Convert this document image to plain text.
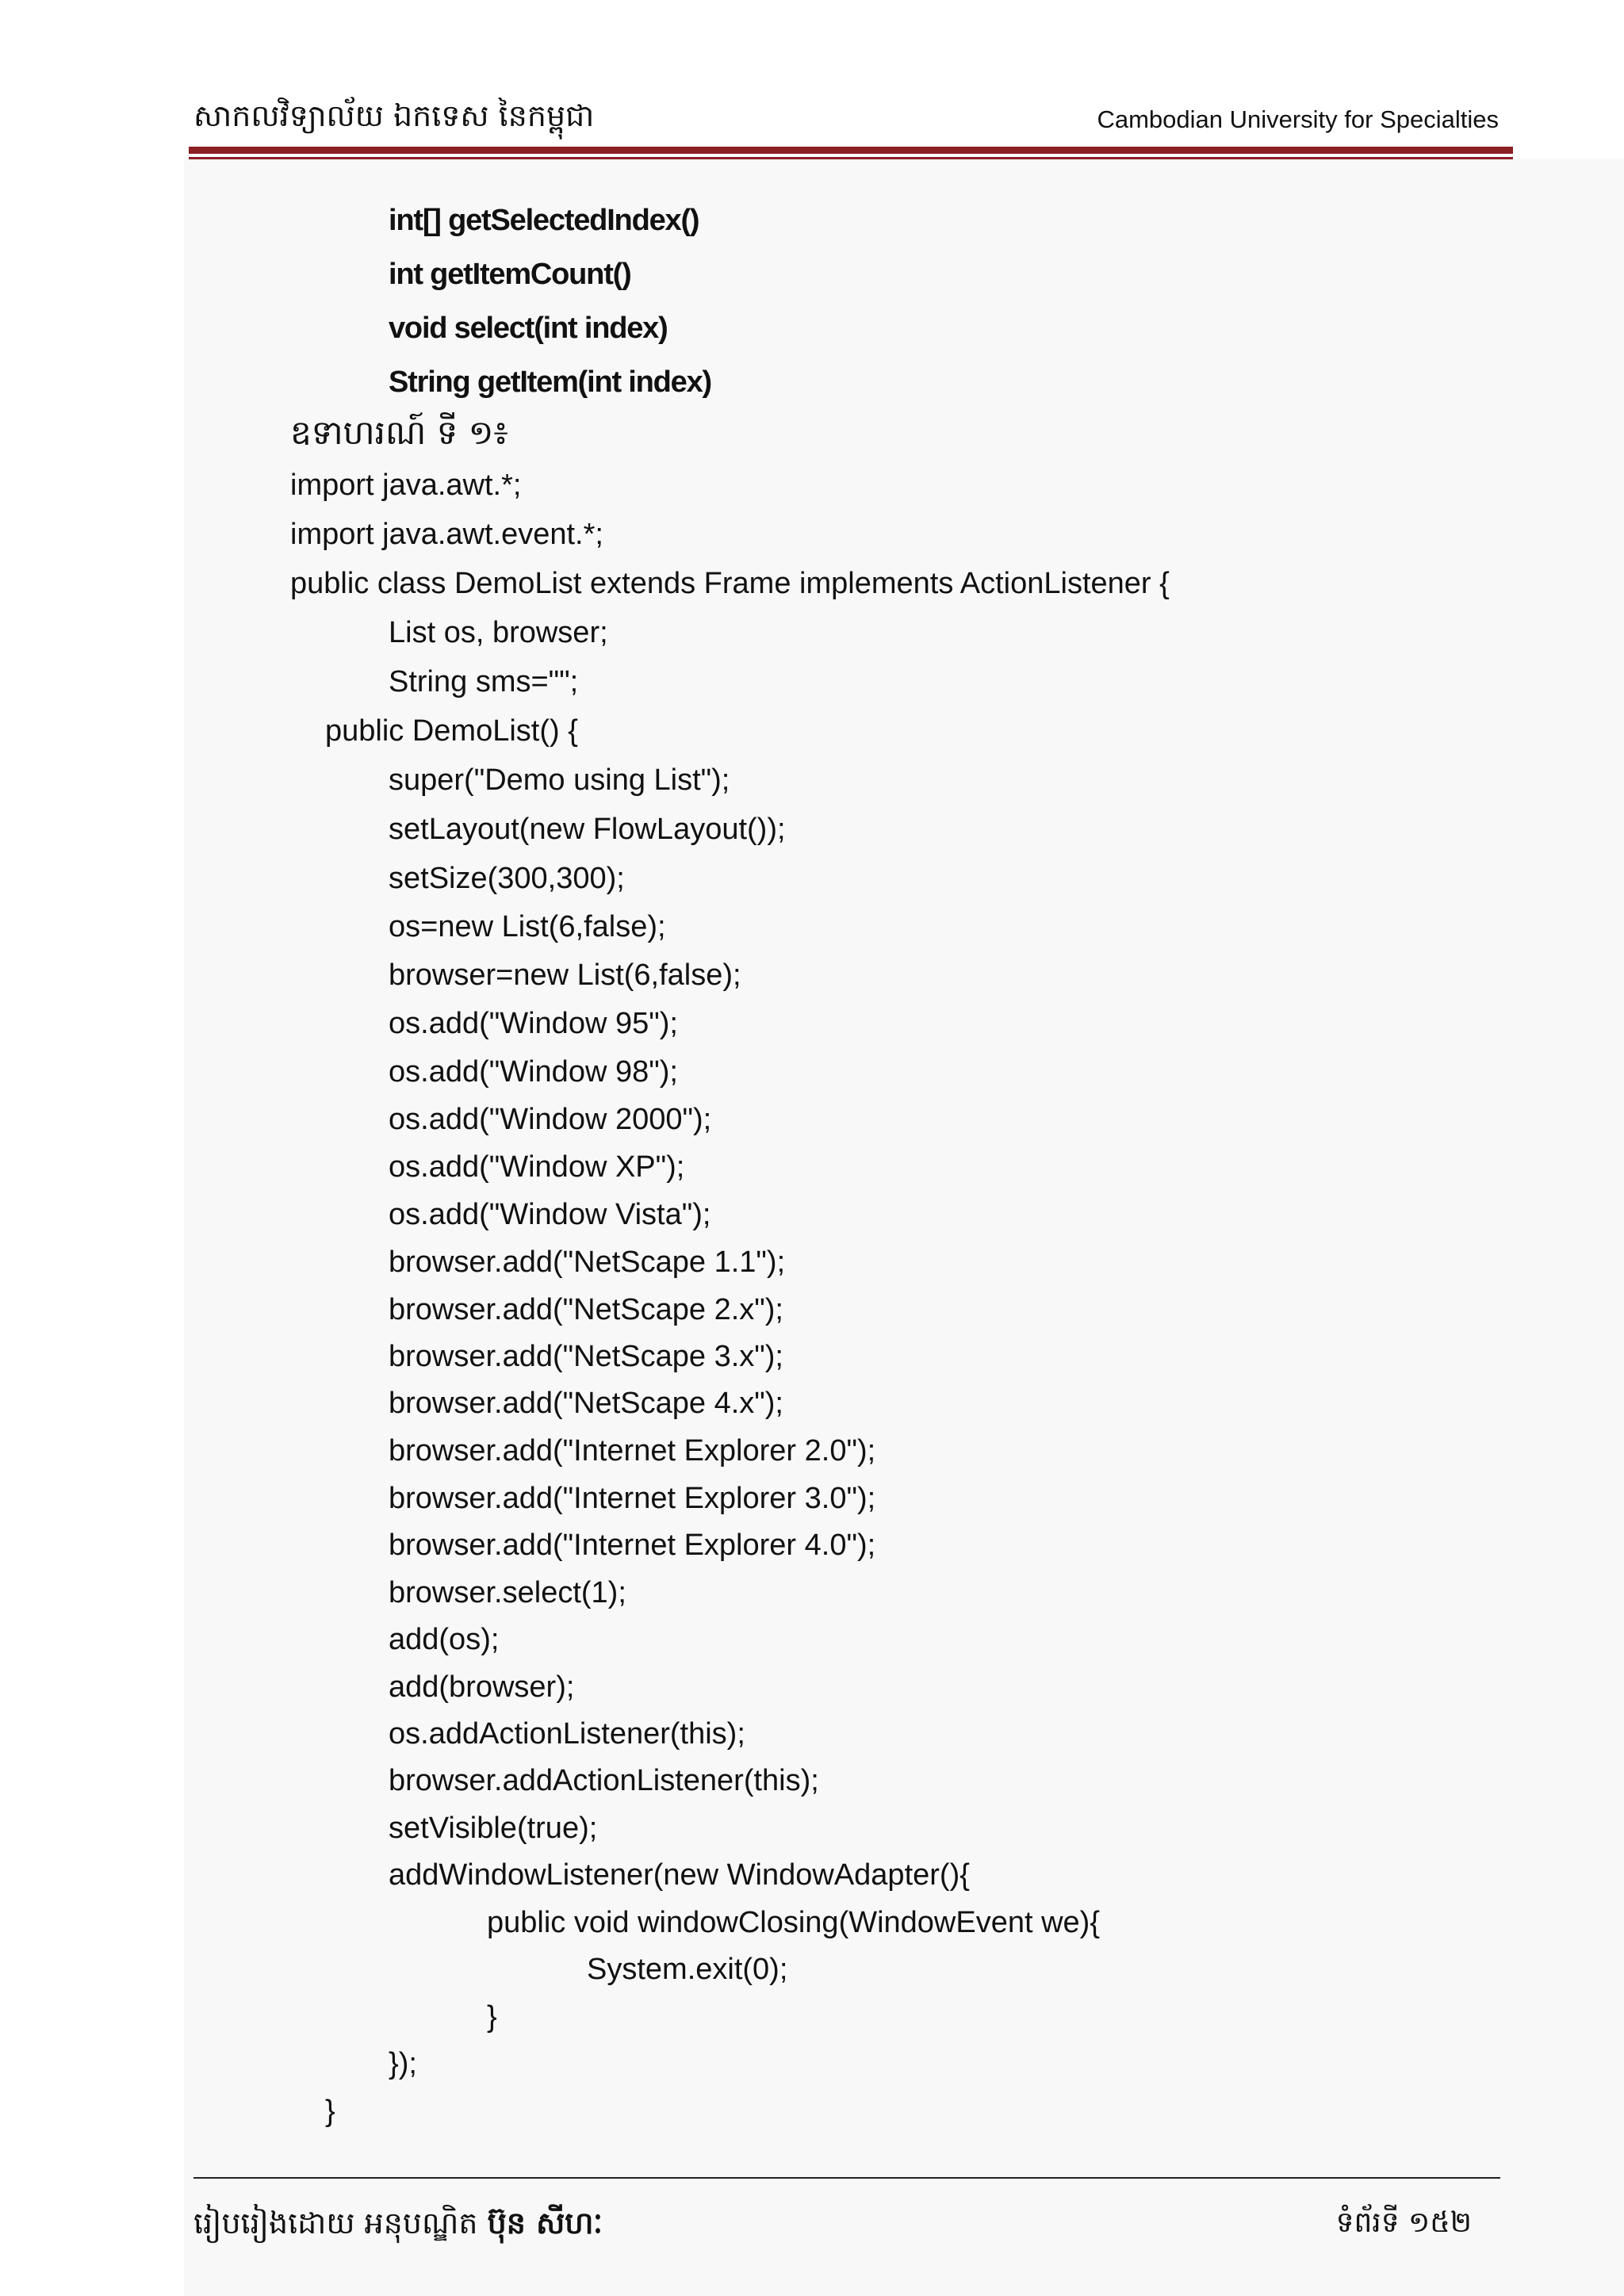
សាកលវិទ្យាល័យ ឯកទេស នៃកម្ពុជា	Cambodian University for Specialties
int[] getSelectedIndex()
int getItemCount()
void select(int index)
String getItem(int index)
ឧទាហរណ៍ ទី ១៖
import java.awt.*;
import java.awt.event.*;
public class DemoList extends Frame implements ActionListener {
List os, browser;
String sms="";
public DemoList() {
super("Demo using List");
setLayout(new FlowLayout());
setSize(300,300);
os=new List(6,false);
browser=new List(6,false);
os.add("Window 95");
os.add("Window 98");
os.add("Window 2000");
os.add("Window XP");
os.add("Window Vista");
browser.add("NetScape 1.1");
browser.add("NetScape 2.x");
browser.add("NetScape 3.x");
browser.add("NetScape 4.x");
browser.add("Internet Explorer 2.0");
browser.add("Internet Explorer 3.0");
browser.add("Internet Explorer 4.0");
browser.select(1);
add(os);
add(browser);
os.addActionListener(this);
browser.addActionListener(this);
setVisible(true);
addWindowListener(new WindowAdapter(){
public void windowClosing(WindowEvent we){
System.exit(0);
}
});
}
រៀបរៀងដោយ អនុបណ្ឌិត ប៊ុន សីហៈ	ទំព័រទី ១៥២
